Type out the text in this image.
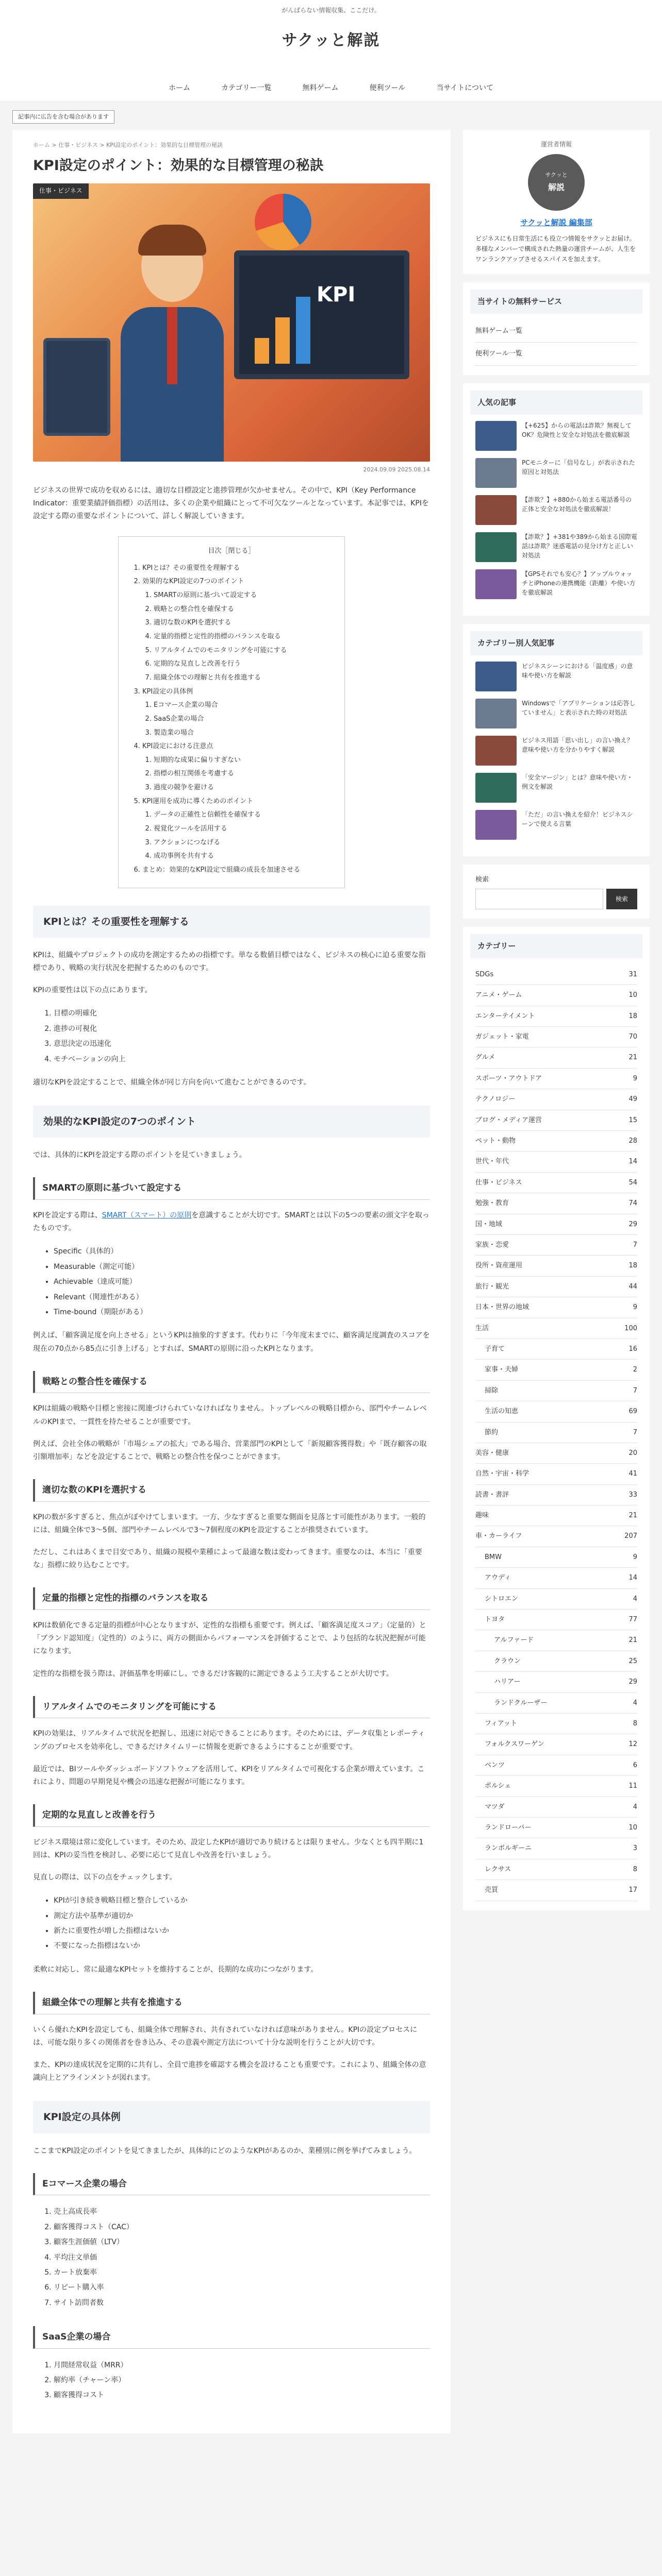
がんばらない情報収集、ここだけ。
サクッと解説
ホーム	カテゴリー一覧	無料ゲーム	便利ツール	当サイトについて
記事内に広告を含む場合があります
ホーム > 仕事・ビジネス > KPI設定のポイント：効果的な目標管理の秘訣
KPI設定のポイント：効果的な目標管理の秘訣
仕事・ビジネス
KPI
2024.09.09 2025.08.14

ビジネスの世界で成功を収めるには、適切な目標設定と進捗管理が欠かせません。その中で、KPI（Key Performance Indicator：重要業績評価指標）の活用は、多くの企業や組織にとって不可欠なツールとなっています。本記事では、KPIを設定する際の重要なポイントについて、詳しく解説していきます。

目次［閉じる］
1. KPIとは？その重要性を理解する
2. 効果的なKPI設定の7つのポイント
1. SMARTの原則に基づいて設定する
2. 戦略との整合性を確保する
3. 適切な数のKPIを選択する
4. 定量的指標と定性的指標のバランスを取る
5. リアルタイムでのモニタリングを可能にする
6. 定期的な見直しと改善を行う
7. 組織全体での理解と共有を推進する
3. KPI設定の具体例
1. Eコマース企業の場合
2. SaaS企業の場合
3. 製造業の場合
4. KPI設定における注意点
1. 短期的な成果に偏りすぎない
2. 指標の相互関係を考慮する
3. 過度の競争を避ける
5. KPI運用を成功に導くためのポイント
1. データの正確性と信頼性を確保する
2. 視覚化ツールを活用する
3. アクションにつなげる
4. 成功事例を共有する
6. まとめ：効果的なKPI設定で組織の成長を加速させる
KPIとは？その重要性を理解する

KPIは、組織やプロジェクトの成功を測定するための指標です。単なる数値目標ではなく、ビジネスの核心に迫る重要な指標であり、戦略の実行状況を把握するためのものです。

KPIの重要性は以下の点にあります。

1. 目標の明確化
2. 進捗の可視化
3. 意思決定の迅速化
4. モチベーションの向上

適切なKPIを設定することで、組織全体が同じ方向を向いて進むことができるのです。

効果的なKPI設定の7つのポイント

では、具体的にKPIを設定する際のポイントを見ていきましょう。

SMARTの原則に基づいて設定する

KPIを設定する際は、SMART（スマート）の原則を意識することが大切です。SMARTとは以下の5つの要素の頭文字を取ったものです。

• Specific（具体的）
• Measurable（測定可能）
• Achievable（達成可能）
• Relevant（関連性がある）
• Time-bound（期限がある）

例えば、「顧客満足度を向上させる」というKPIは抽象的すぎます。代わりに「今年度末までに、顧客満足度調査のスコアを現在の70点から85点に引き上げる」とすれば、SMARTの原則に沿ったKPIとなります。

戦略との整合性を確保する

KPIは組織の戦略や目標と密接に関連づけられていなければなりません。トップレベルの戦略目標から、部門やチームレベルのKPIまで、一貫性を持たせることが重要です。

例えば、会社全体の戦略が「市場シェアの拡大」である場合、営業部門のKPIとして「新規顧客獲得数」や「既存顧客の取引額増加率」などを設定することで、戦略との整合性を保つことができます。

適切な数のKPIを選択する

KPIの数が多すぎると、焦点がぼやけてしまいます。一方、少なすぎると重要な側面を見落とす可能性があります。一般的には、組織全体で3〜5個、部門やチームレベルで3〜7個程度のKPIを設定することが推奨されています。

ただし、これはあくまで目安であり、組織の規模や業種によって最適な数は変わってきます。重要なのは、本当に「重要な」指標に絞り込むことです。

定量的指標と定性的指標のバランスを取る

KPIは数値化できる定量的指標が中心となりますが、定性的な指標も重要です。例えば、「顧客満足度スコア」（定量的）と「ブランド認知度」（定性的）のように、両方の側面からパフォーマンスを評価することで、より包括的な状況把握が可能になります。

定性的な指標を扱う際は、評価基準を明確にし、できるだけ客観的に測定できるよう工夫することが大切です。

リアルタイムでのモニタリングを可能にする

KPIの効果は、リアルタイムで状況を把握し、迅速に対応できることにあります。そのためには、データ収集とレポーティングのプロセスを効率化し、できるだけタイムリーに情報を更新できるようにすることが重要です。

最近では、BIツールやダッシュボードソフトウェアを活用して、KPIをリアルタイムで可視化する企業が増えています。これにより、問題の早期発見や機会の迅速な把握が可能になります。

定期的な見直しと改善を行う

ビジネス環境は常に変化しています。そのため、設定したKPIが適切であり続けるとは限りません。少なくとも四半期に1回は、KPIの妥当性を検討し、必要に応じて見直しや改善を行いましょう。

見直しの際は、以下の点をチェックします。

• KPIが引き続き戦略目標と整合しているか
• 測定方法や基準が適切か
• 新たに重要性が増した指標はないか
• 不要になった指標はないか

柔軟に対応し、常に最適なKPIセットを維持することが、長期的な成功につながります。

組織全体での理解と共有を推進する

いくら優れたKPIを設定しても、組織全体で理解され、共有されていなければ意味がありません。KPIの設定プロセスには、可能な限り多くの関係者を巻き込み、その意義や測定方法について十分な説明を行うことが大切です。

また、KPIの達成状況を定期的に共有し、全員で進捗を確認する機会を設けることも重要です。これにより、組織全体の意識向上とアラインメントが図れます。

KPI設定の具体例

ここまでKPI設定のポイントを見てきましたが、具体的にどのようなKPIがあるのか、業種別に例を挙げてみましょう。

Eコマース企業の場合
1. 売上高成長率
2. 顧客獲得コスト（CAC）
3. 顧客生涯価値（LTV）
4. 平均注文単価
5. カート放棄率
6. リピート購入率
7. サイト訪問者数
SaaS企業の場合
1. 月間経常収益（MRR）
2. 解約率（チャーン率）
3. 顧客獲得コスト
運営者情報
サクッと
解説
サクッと解説 編集部
ビジネスにも日常生活にも役立つ情報をサクッとお届け。多様なメンバーで構成された熱量の運営チームが、人生をワンランクアップさせるスパイスを加えます。
当サイトの無料サービス
無料ゲーム一覧
便利ツール一覧
人気の記事
【+625】からの電話は詐欺？無視してOK？危険性と安全な対処法を徹底解説
PCモニターに「信号なし」が表示された原因と対処法
【詐欺？】+880から始まる電話番号の正体と安全な対処法を徹底解説！
【詐欺？】+381や389から始まる国際電話は詐欺？迷惑電話の見分け方と正しい対処法
【GPSそれでも安心？】アップルウォッチとiPhoneの連携機能（距離）や使い方を徹底解説
カテゴリー別人気記事
ビジネスシーンにおける「温度感」の意味や使い方を解説
Windowsで「アプリケーションは応答していません」と表示された時の対処法
ビジネス用語「思い出し」の言い換え？意味や使い方を分かりやすく解説
「安全マージン」とは？意味や使い方・例文を解説
「ただ」の言い換えを紹介！ビジネスシーンで使える言葉
検索
検索
カテゴリー
SDGs	31
アニメ・ゲーム	10
エンターテイメント	18
ガジェット・家電	70
グルメ	21
スポーツ・アウトドア	9
テクノロジー	49
ブログ・メディア運営	15
ペット・動物	28
世代・年代	14
仕事・ビジネス	54
勉強・教育	74
国・地域	29
家族・恋愛	7
役所・資産運用	18
旅行・観光	44
日本・世界の地域	9
生活	100
子育て	16
家事・夫婦	2
掃除	7
生活の知恵	69
節約	7
美容・健康	20
自然・宇宙・科学	41
読書・書評	33
趣味	21
車・カーライフ	207
BMW	9
アウディ	14
シトロエン	4
トヨタ	77
アルファード	21
クラウン	25
ハリアー	29
ランドクルーザー	4
フィアット	8
フォルクスワーゲン	12
ベンツ	6
ポルシェ	11
マツダ	4
ランドローバー	10
ランボルギーニ	3
レクサス	8
売買	17
